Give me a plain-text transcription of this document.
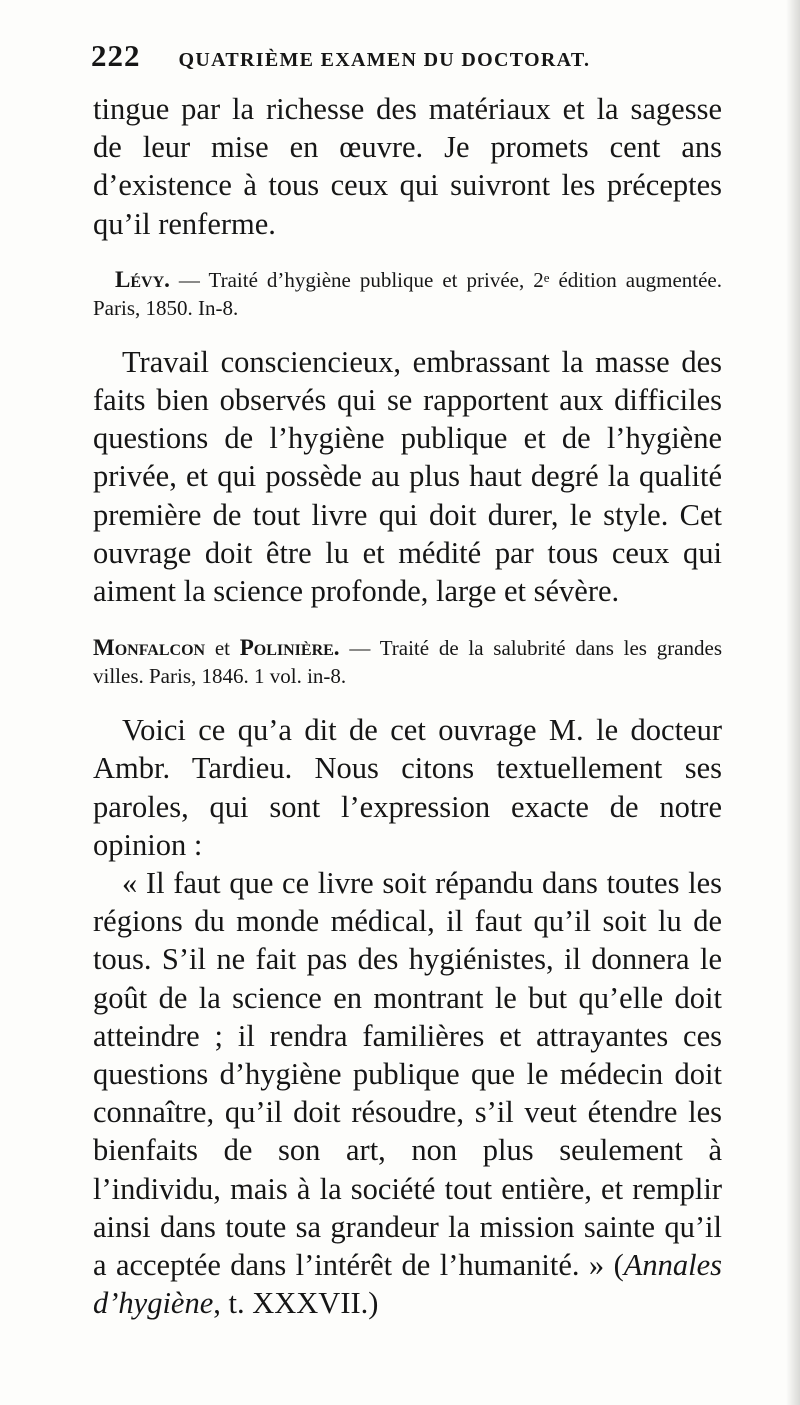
222 QUATRIÈME EXAMEN DU DOCTORAT.

tingue par la richesse des matériaux et la sagesse de leur mise en œuvre. Je promets cent ans d’existence à tous ceux qui suivront les préceptes qu’il renferme.

Lévy. — Traité d’hygiène publique et privée, 2e édition augmentée. Paris, 1850. In-8.

Travail consciencieux, embrassant la masse des faits bien observés qui se rapportent aux difficiles questions de l’hygiène publique et de l’hygiène privée, et qui possède au plus haut degré la qualité première de tout livre qui doit durer, le style. Cet ouvrage doit être lu et médité par tous ceux qui aiment la science profonde, large et sévère.

Monfalcon et Polinière. — Traité de la salubrité dans les grandes villes. Paris, 1846. 1 vol. in-8.

Voici ce qu’a dit de cet ouvrage M. le docteur Ambr. Tardieu. Nous citons textuellement ses paroles, qui sont l’expression exacte de notre opinion :

« Il faut que ce livre soit répandu dans toutes les régions du monde médical, il faut qu’il soit lu de tous. S’il ne fait pas des hygiénistes, il donnera le goût de la science en montrant le but qu’elle doit atteindre ; il rendra familières et attrayantes ces questions d’hygiène publique que le médecin doit connaître, qu’il doit résoudre, s’il veut étendre les bienfaits de son art, non plus seulement à l’individu, mais à la société tout entière, et remplir ainsi dans toute sa grandeur la mission sainte qu’il a acceptée dans l’intérêt de l’humanité. » (Annales d’hygiène, t. XXXVII.)
